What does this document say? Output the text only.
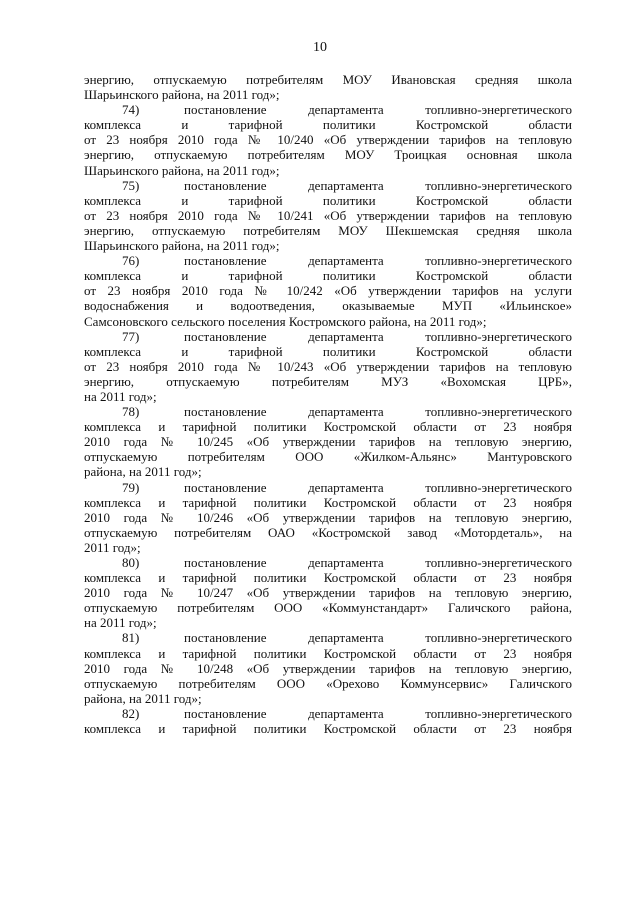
10
энергию, отпускаемую потребителям МОУ Ивановская средняя школа
Шарьинского района, на 2011 год»;
74)	постановление департамента топливно-энергетического
комплекса и тарифной политики Костромской области
от 23 ноября 2010 года № 10/240 «Об утверждении тарифов на тепловую
энергию, отпускаемую потребителям МОУ Троицкая основная школа
Шарьинского района, на 2011 год»;
75)	постановление департамента топливно-энергетического
комплекса и тарифной политики Костромской области
от 23 ноября 2010 года № 10/241 «Об утверждении тарифов на тепловую
энергию, отпускаемую потребителям МОУ Шекшемская средняя школа
Шарьинского района, на 2011 год»;
76)	постановление департамента топливно-энергетического
комплекса и тарифной политики Костромской области
от 23 ноября 2010 года № 10/242 «Об утверждении тарифов на услуги
водоснабжения и водоотведения, оказываемые МУП «Ильинское»
Самсоновского сельского поселения Костромского района, на 2011 год»;
77)	постановление департамента топливно-энергетического
комплекса и тарифной политики Костромской области
от 23 ноября 2010 года № 10/243 «Об утверждении тарифов на тепловую
энергию, отпускаемую потребителям МУЗ «Вохомская ЦРБ»,
на 2011 год»;
78)	постановление департамента топливно-энергетического
комплекса и тарифной политики Костромской области от 23 ноября
2010 года № 10/245 «Об утверждении тарифов на тепловую энергию,
отпускаемую потребителям ООО «Жилком-Альянс» Мантуровского
района, на 2011 год»;
79)	постановление департамента топливно-энергетического
комплекса и тарифной политики Костромской области от 23 ноября
2010 года № 10/246 «Об утверждении тарифов на тепловую энергию,
отпускаемую потребителям ОАО «Костромской завод «Мотордеталь», на
2011 год»;
80)	постановление департамента топливно-энергетического
комплекса и тарифной политики Костромской области от 23 ноября
2010 года № 10/247 «Об утверждении тарифов на тепловую энергию,
отпускаемую потребителям ООО «Коммунстандарт» Галичского района,
на 2011 год»;
81)	постановление департамента топливно-энергетического
комплекса и тарифной политики Костромской области от 23 ноября
2010 года № 10/248 «Об утверждении тарифов на тепловую энергию,
отпускаемую потребителям ООО «Орехово Коммунсервис» Галичского
района, на 2011 год»;
82)	постановление департамента топливно-энергетического
комплекса и тарифной политики Костромской области от 23 ноября
